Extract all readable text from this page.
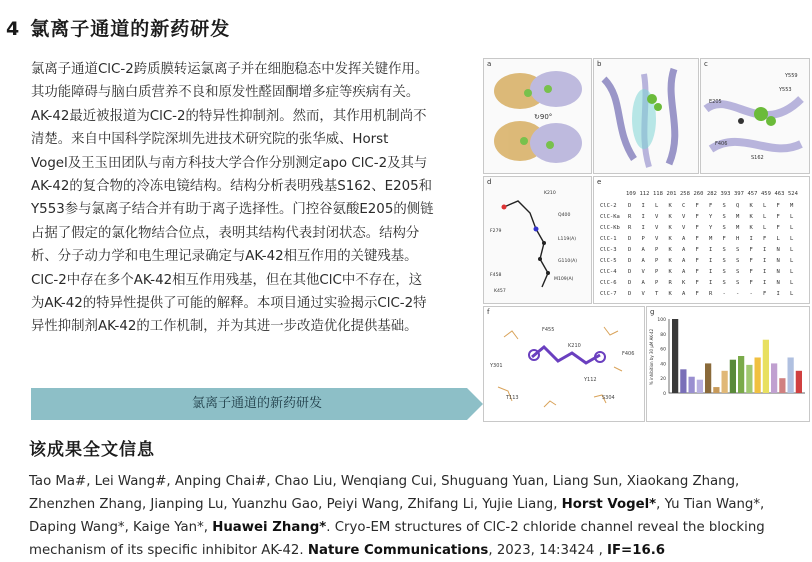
4 氯离子通道的新药研发

氯离子通道ClC-2跨质膜转运氯离子并在细胞稳态中发挥关键作用。

其功能障碍与脑白质营养不良和原发性醛固酮增多症等疾病有关。

AK-42最近被报道为ClC-2的特异性抑制剂。然而，其作用机制尚不

清楚。来自中国科学院深圳先进技术研究院的张华威、Horst

Vogel及王玉田团队与南方科技大学合作分别测定apo ClC-2及其与

AK-42的复合物的冷冻电镜结构。结构分析表明残基S162、E205和

Y553参与氯离子结合并有助于离子选择性。门控谷氨酸E205的侧链

占据了假定的氯化物结合位点，表明其结构代表封闭状态。结构分

析、分子动力学和电生理记录确定与AK-42相互作用的关键残基。

ClC-2中存在多个AK-42相互作用残基，但在其他ClC中不存在，这

为AK-42的特异性提供了可能的解释。本项目通过实验揭示ClC-2特

异性抑制剂AK-42的工作机制，并为其进一步改造优化提供基础。

氯离子通道的新药研发
a
↻90°
b	c
S162
E205
Y553
F406
Y559
d
K210
F279
Q400
L119(A)
G110(A)
M109(A)
F458
K457
e
109 112 118 201 258 260 282 393 397 457 459 463 524
ClC-2 D I L K C F F S Q K L F M
ClC-Ka R I V K V F Y S M K L F L
ClC-Kb R I V K V F Y S M K L F L
ClC-1 D P V K A F M F H I F L L
ClC-3 D A P K A F I S S F I N L
ClC-5 D A P K A F I S S F I N L
ClC-4 D V P K A F I S S F I N L
ClC-6 D A P R K F I S S F I N L
ClC-7 D V T K A F R - - - F I L
f
Y301
F455
K210
T113
Y112
F406
S304
g
0
20
40
60
80
100
% inhibition by 30 μM AK-42
该成果全文信息

Tao Ma#, Lei Wang#, Anping Chai#, Chao Liu, Wenqiang Cui, Shuguang Yuan, Liang Sun, Xiaokang Zhang,

Zhenzhen Zhang, Jianping Lu, Yuanzhu Gao, Peiyi Wang, Zhifang Li, Yujie Liang, Horst Vogel*, Yu Tian Wang*,

Daping Wang*, Kaige Yan*, Huawei Zhang*. Cryo-EM structures of ClC-2 chloride channel reveal the blocking

mechanism of its specific inhibitor AK-42. Nature Communications, 2023, 14:3424 , IF=16.6
